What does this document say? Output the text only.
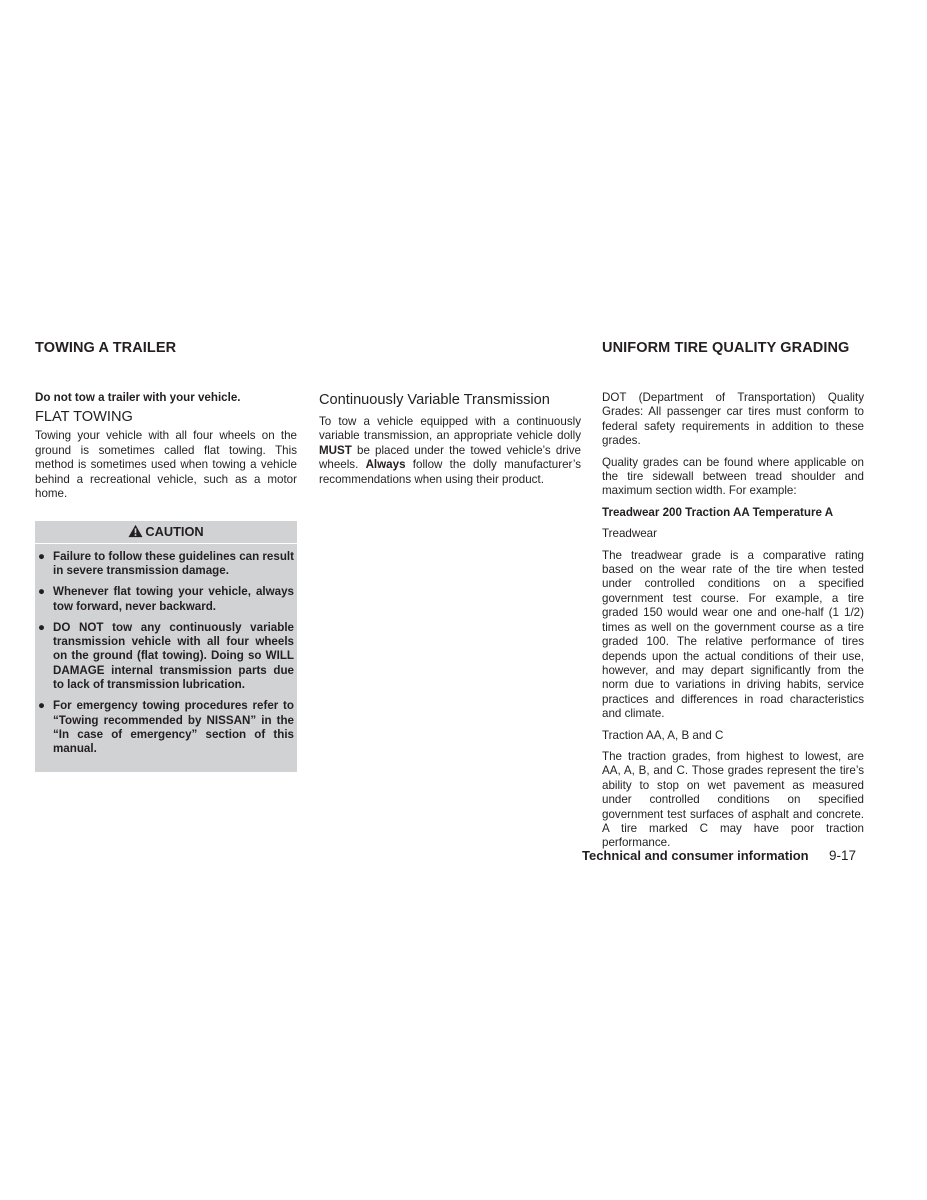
TOWING A TRAILER	UNIFORM TIRE QUALITY GRADING

Do not tow a trailer with your vehicle.

FLAT TOWING

Towing your vehicle with all four wheels on the ground is sometimes called flat towing. This method is sometimes used when towing a vehicle behind a recreational vehicle, such as a motor home.

CAUTION
● Failure to follow these guidelines can result in severe transmission damage.
● Whenever flat towing your vehicle, always tow forward, never backward.
● DO NOT tow any continuously variable transmission vehicle with all four wheels on the ground (flat towing). Doing so WILL DAMAGE internal transmission parts due to lack of transmission lubrication.
● For emergency towing procedures refer to “Towing recommended by NISSAN” in the “In case of emergency” section of this manual.

Continuously Variable Transmission

To tow a vehicle equipped with a continuously variable transmission, an appropriate vehicle dolly MUST be placed under the towed vehicle’s drive wheels. Always follow the dolly manufacturer’s recommendations when using their product.

DOT (Department of Transportation) Quality Grades: All passenger car tires must conform to federal safety requirements in addition to these grades.

Quality grades can be found where applicable on the tire sidewall between tread shoulder and maximum section width. For example:

Treadwear 200 Traction AA Temperature A

Treadwear

The treadwear grade is a comparative rating based on the wear rate of the tire when tested under controlled conditions on a specified government test course. For example, a tire graded 150 would wear one and one-half (1 1/2) times as well on the government course as a tire graded 100. The relative performance of tires depends upon the actual conditions of their use, however, and may depart significantly from the norm due to variations in driving habits, service practices and differences in road characteristics and climate.

Traction AA, A, B and C

The traction grades, from highest to lowest, are AA, A, B, and C. Those grades represent the tire’s ability to stop on wet pavement as measured under controlled conditions on specified government test surfaces of asphalt and concrete. A tire marked C may have poor traction performance.

Technical and consumer information 9-17
